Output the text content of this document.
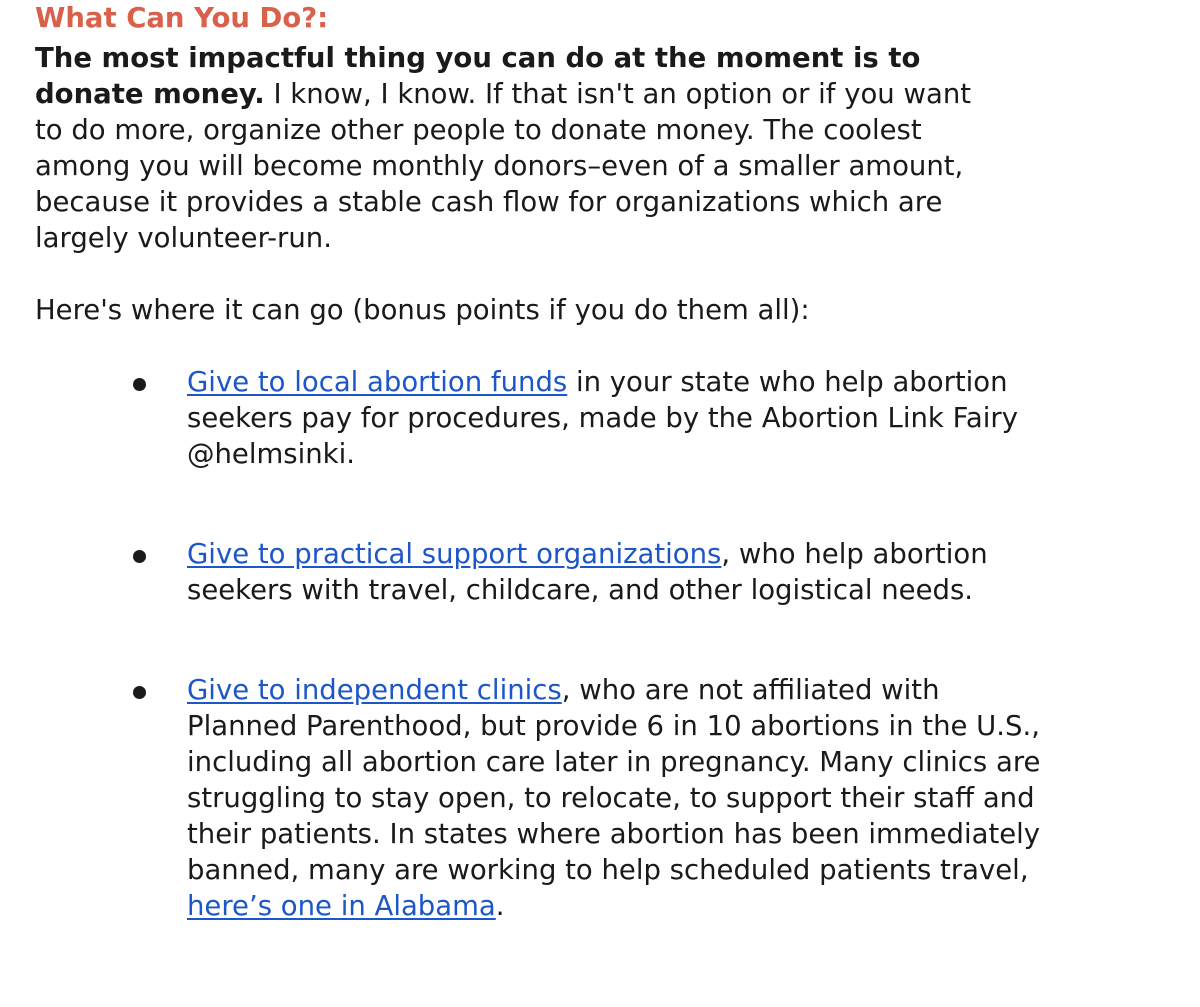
What Can You Do?:

The most impactful thing you can do at the moment is to donate money. I know, I know. If that isn't an option or if you want to do more, organize other people to donate money. The coolest among you will become monthly donors–even of a smaller amount, because it provides a stable cash flow for organizations which are largely volunteer-run.

Here's where it can go (bonus points if you do them all):

Give to local abortion funds in your state who help abortion seekers pay for procedures, made by the Abortion Link Fairy @helmsinki.
Give to practical support organizations, who help abortion seekers with travel, childcare, and other logistical needs.
Give to independent clinics, who are not affiliated with Planned Parenthood, but provide 6 in 10 abortions in the U.S., including all abortion care later in pregnancy. Many clinics are struggling to stay open, to relocate, to support their staff and their patients. In states where abortion has been immediately banned, many are working to help scheduled patients travel, here’s one in Alabama.
